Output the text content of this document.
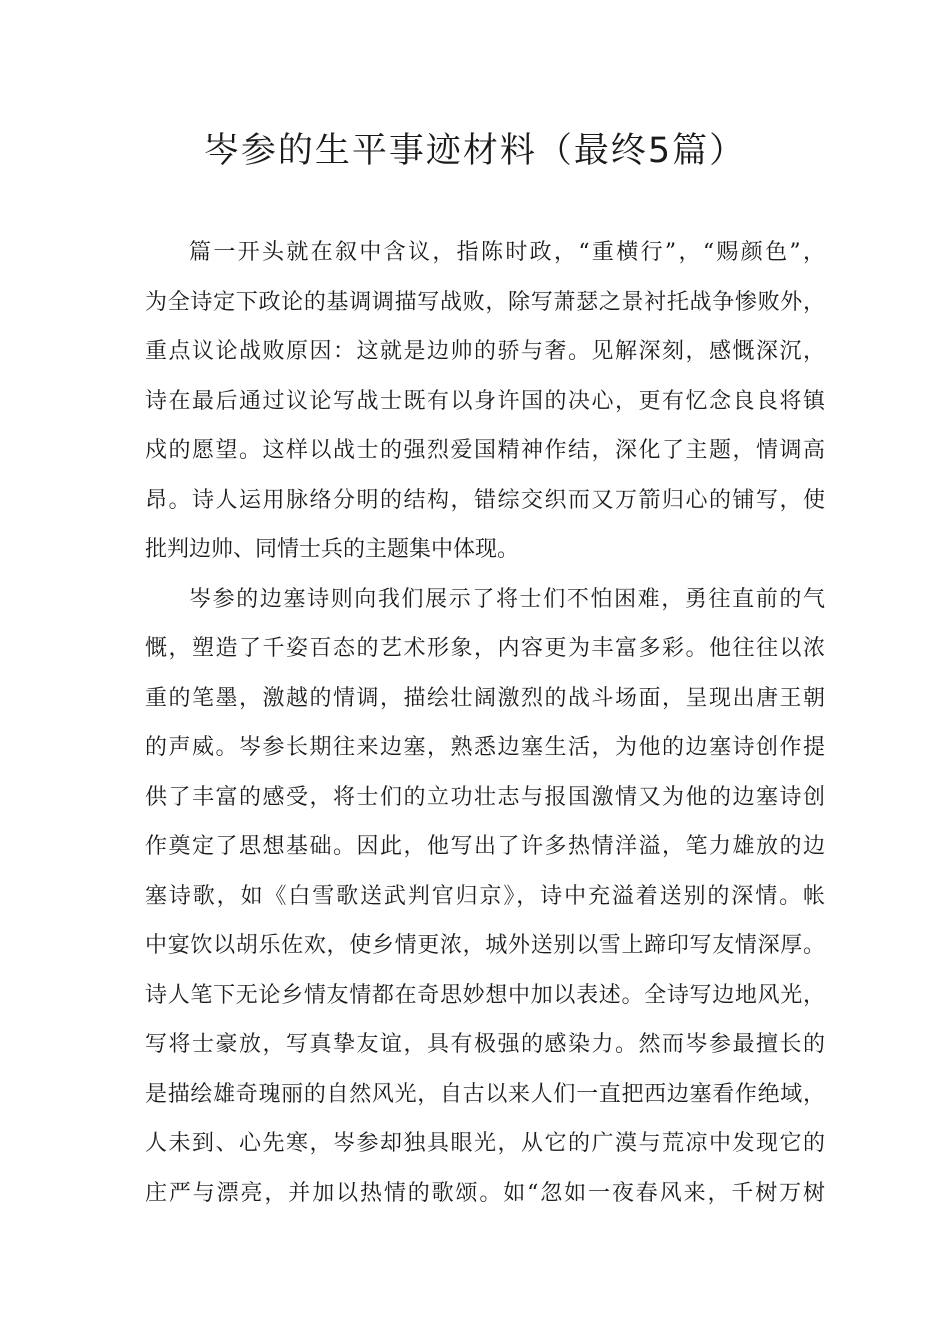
岑参的生平事迹材料（最终5篇）
篇一开头就在叙中含议，指陈时政，“重横行”，“赐颜色”，
为全诗定下政论的基调调描写战败，除写萧瑟之景衬托战争惨败外，
重点议论战败原因：这就是边帅的骄与奢。见解深刻，感慨深沉，
诗在最后通过议论写战士既有以身许国的决心，更有忆念良良将镇
戍的愿望。这样以战士的强烈爱国精神作结，深化了主题，情调高
昂。诗人运用脉络分明的结构，错综交织而又万箭归心的铺写，使
批判边帅、同情士兵的主题集中体现。
岑参的边塞诗则向我们展示了将士们不怕困难，勇往直前的气
慨，塑造了千姿百态的艺术形象，内容更为丰富多彩。他往往以浓
重的笔墨，激越的情调，描绘壮阔激烈的战斗场面，呈现出唐王朝
的声威。岑参长期往来边塞，熟悉边塞生活，为他的边塞诗创作提
供了丰富的感受，将士们的立功壮志与报国激情又为他的边塞诗创
作奠定了思想基础。因此，他写出了许多热情洋溢，笔力雄放的边
塞诗歌，如《白雪歌送武判官归京》，诗中充溢着送别的深情。帐
中宴饮以胡乐佐欢，使乡情更浓，城外送别以雪上蹄印写友情深厚。
诗人笔下无论乡情友情都在奇思妙想中加以表述。全诗写边地风光，
写将士豪放，写真挚友谊，具有极强的感染力。然而岑参最擅长的
是描绘雄奇瑰丽的自然风光，自古以来人们一直把西边塞看作绝域，
人未到、心先寒，岑参却独具眼光，从它的广漠与荒凉中发现它的
庄严与漂亮，并加以热情的歌颂。如“忽如一夜春风来，千树万树
